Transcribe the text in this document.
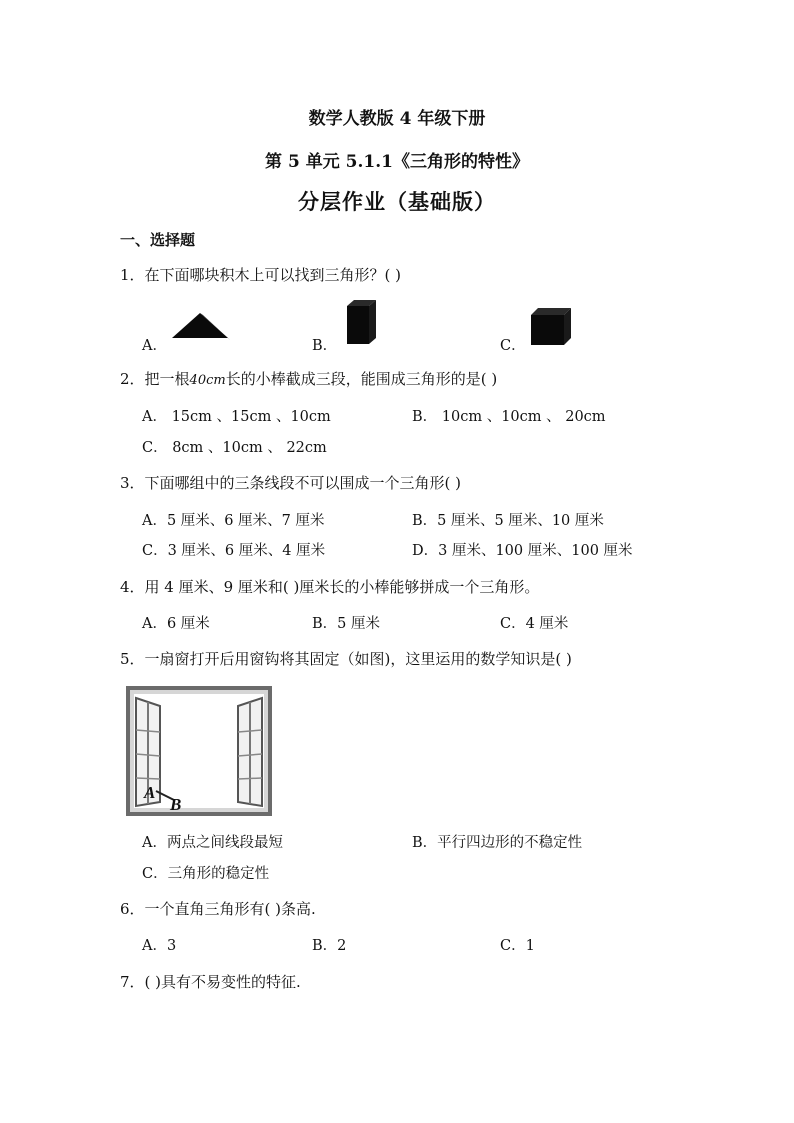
数学人教版 4 年级下册
第 5 单元 5.1.1《三角形的特性》
分层作业（基础版）
一、选择题
1．在下面哪块积木上可以找到三角形？( )
A．	B．	C．
2．把一根40cm长的小棒截成三段，能围成三角形的是( )
A． 15cm 、15cm 、10cm	B． 10cm 、10cm 、 20cm
C． 8cm 、10cm 、 22cm
3．下面哪组中的三条线段不可以围成一个三角形( )
A．5 厘米、6 厘米、7 厘米	B．5 厘米、5 厘米、10 厘米
C．3 厘米、6 厘米、4 厘米	D．3 厘米、100 厘米、100 厘米
4．用 4 厘米、9 厘米和( )厘米长的小棒能够拼成一个三角形。
A．6 厘米	B．5 厘米	C．4 厘米
5．一扇窗打开后用窗钩将其固定（如图)，这里运用的数学知识是( )
A
B
A．两点之间线段最短	B．平行四边形的不稳定性
C．三角形的稳定性
6．一个直角三角形有( )条高.
A．3	B．2	C．1
7．( )具有不易变性的特征.
